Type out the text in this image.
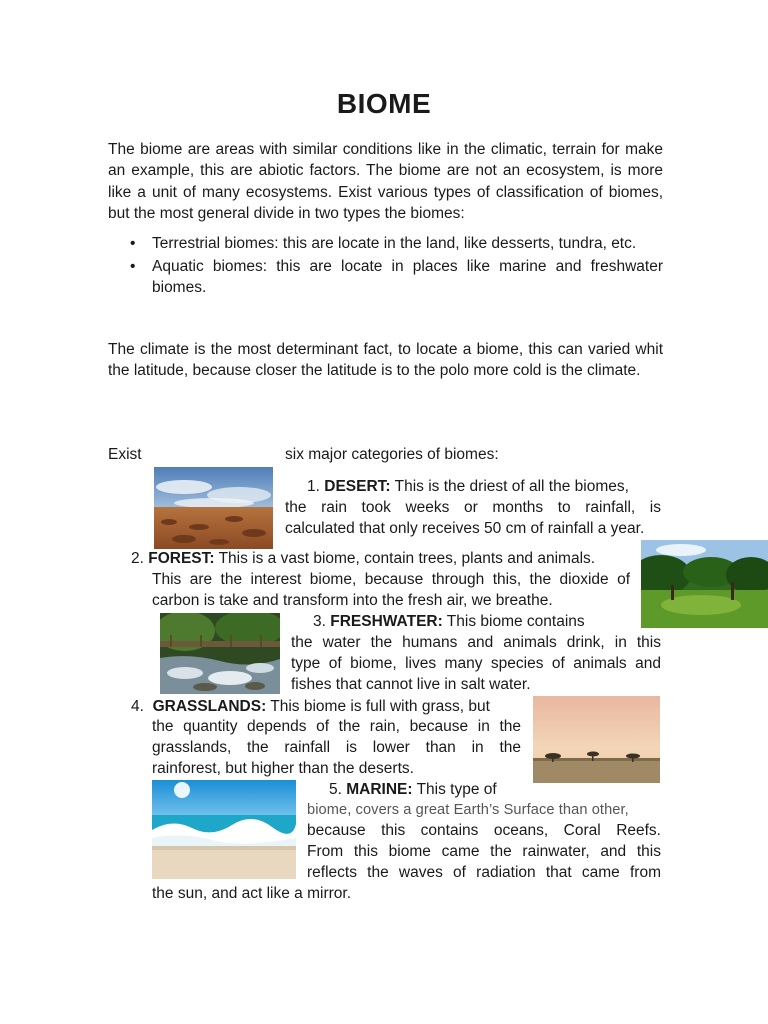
BIOME

The biome are areas with similar conditions like in the climatic, terrain for make an example, this are abiotic factors. The biome are not an ecosystem, is more like a unit of many ecosystems. Exist various types of classification of biomes, but the most general divide in two types the biomes:

• Terrestrial biomes: this are locate in the land, like desserts, tundra, etc.
• Aquatic biomes: this are locate in places like marine and freshwater biomes.

The climate is the most determinant fact, to locate a biome, this can varied whit the latitude, because closer the latitude is to the polo more cold is the climate.

Exist	six major categories of biomes:

1. DESERT: This is the driest of all the biomes,

the rain took weeks or months to rainfall, is

calculated that only receives 50 cm of rainfall a year.

2. FOREST: This is a vast biome, contain trees, plants and animals.

This are the interest biome, because through this, the dioxide of

carbon is take and transform into the fresh air, we breathe.

3. FRESHWATER: This biome contains

the water the humans and animals drink, in this

type of biome, lives many species of animals and

fishes that cannot live in salt water.

4. GRASSLANDS: This biome is full with grass, but

the quantity depends of the rain, because in the

grasslands, the rainfall is lower than in the

rainforest, but higher than the deserts.

5. MARINE: This type of

biome, covers a great Earth’s Surface than other,

because this contains oceans, Coral Reefs.

From this biome came the rainwater, and this

reflects the waves of radiation that came from

the sun, and act like a mirror.
